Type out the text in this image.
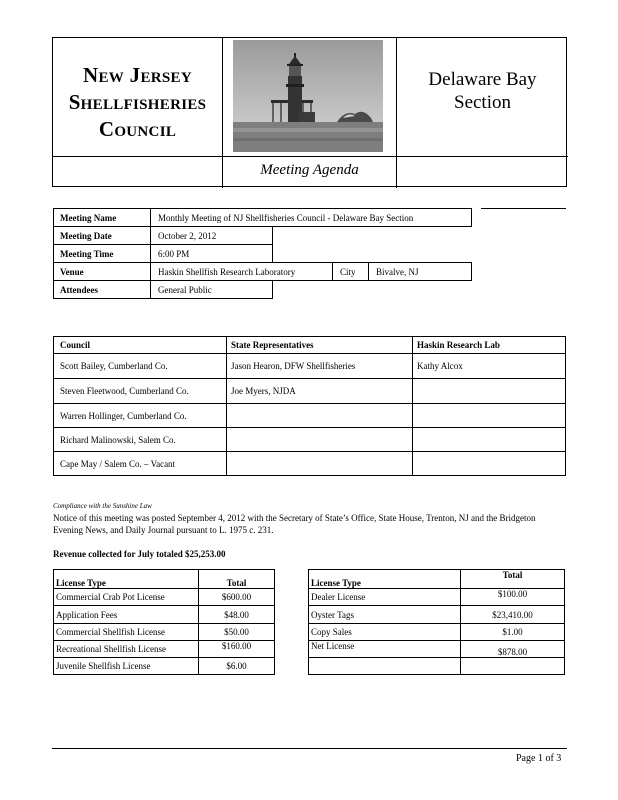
New Jersey
Shellfisheries
Council
Delaware Bay
Section
Meeting Agenda
Meeting Name	Monthly Meeting of NJ Shellfisheries Council - Delaware Bay Section
Meeting Date	October 2, 2012
Meeting Time	6:00 PM
Venue	Haskin Shellfish Research Laboratory	City	Bivalve, NJ
Attendees	General Public
Council	State Representatives	Haskin Research Lab
Scott Bailey, Cumberland Co.	Jason Hearon, DFW Shellfisheries	Kathy Alcox
Steven Fleetwood, Cumberland Co.	Joe Myers, NJDA	
Warren Hollinger, Cumberland Co.		
Richard Malinowski, Salem Co.		
Cape May / Salem Co. – Vacant		
Compliance with the Sunshine Law
Notice of this meeting was posted September 4, 2012 with the Secretary of State’s Office, State House, Trenton, NJ and the Bridgeton
Evening News, and Daily Journal pursuant to L. 1975 c. 231.
Revenue collected for July totaled $25,253.00
License Type	Total
Commercial Crab Pot License	$600.00
Application Fees	$48.00
Commercial Shellfish License	$50.00
Recreational Shellfish License	$160.00
Juvenile Shellfish License	$6.00
License Type	Total
Dealer License	$100.00
Oyster Tags	$23,410.00
Copy Sales	$1.00
Net License	$878.00

Page 1 of 3
